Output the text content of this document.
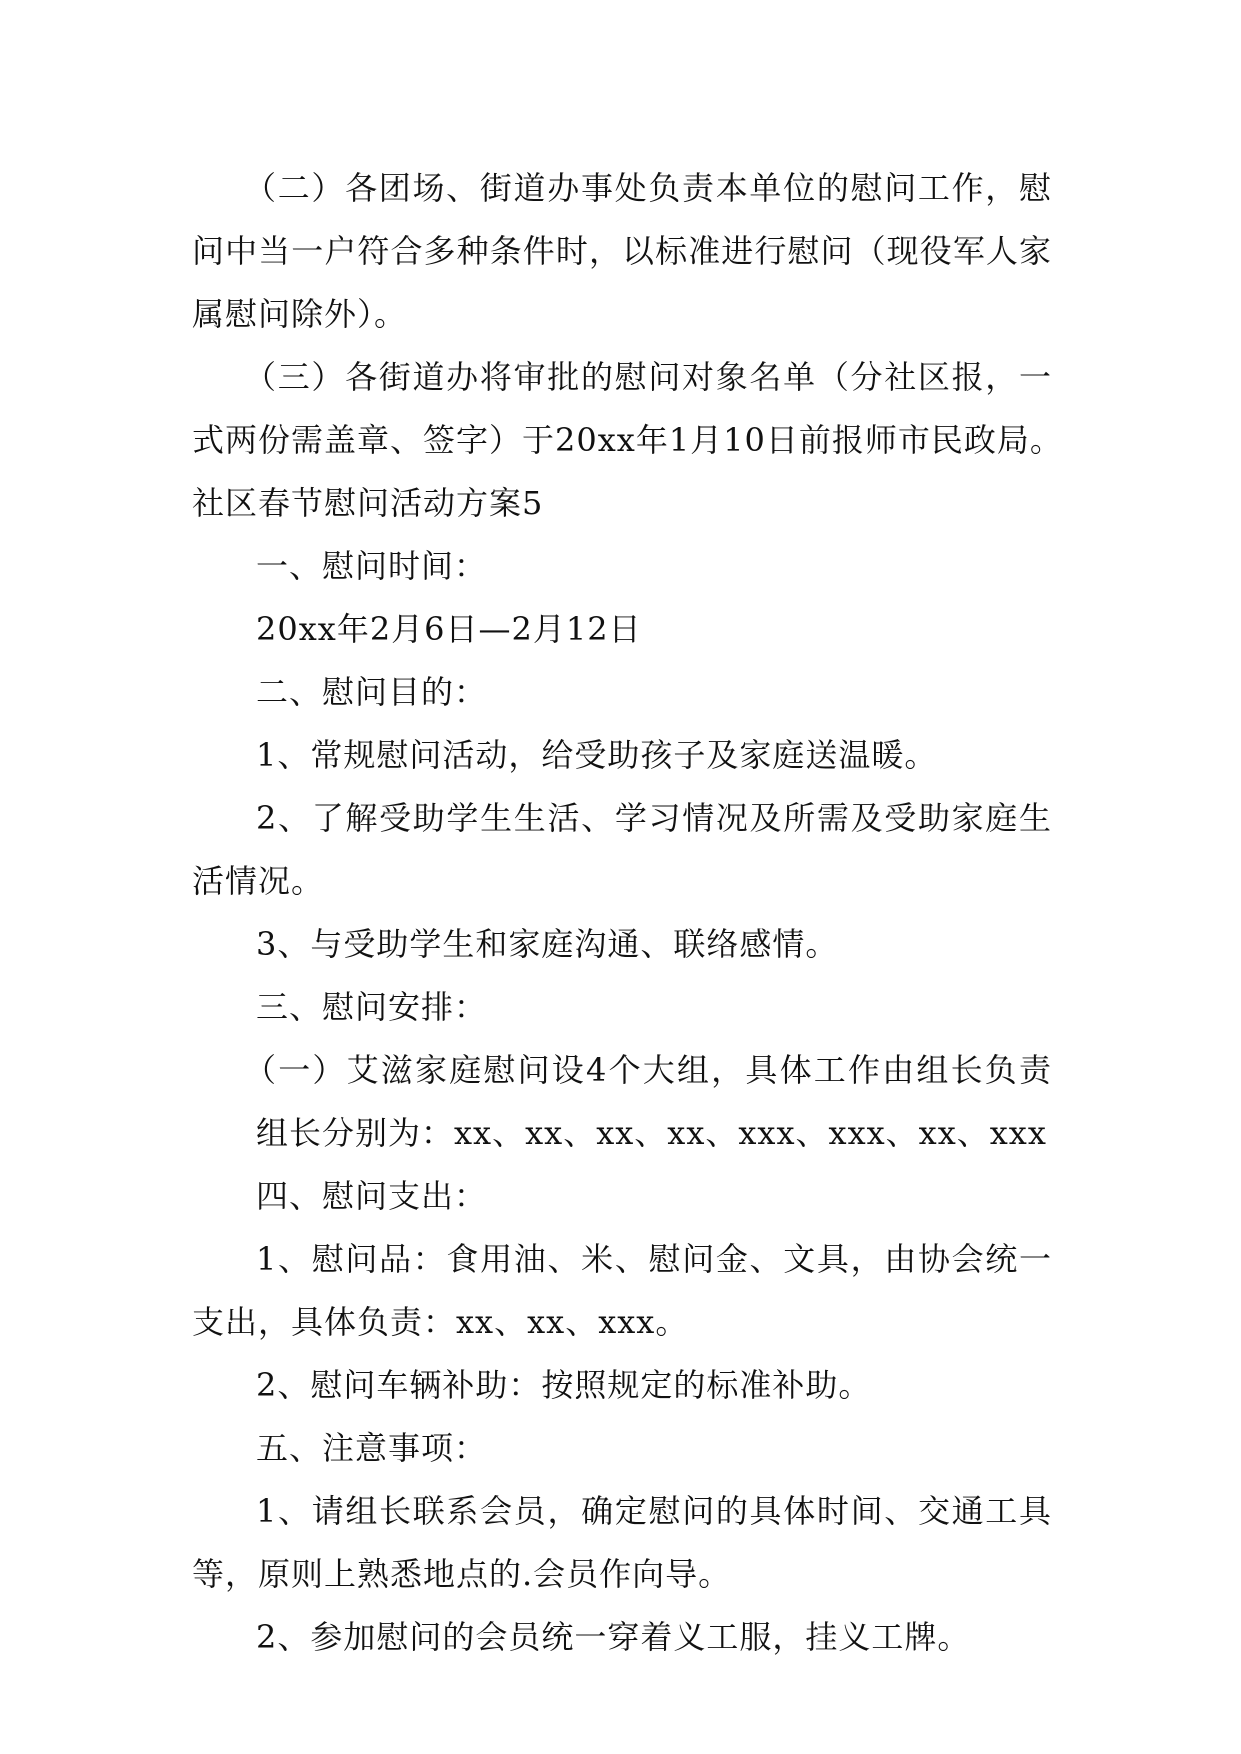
（二）各团场、街道办事处负责本单位的慰问工作，慰
问中当一户符合多种条件时，以标准进行慰问（现役军人家
属慰问除外）。
（三）各街道办将审批的慰问对象名单（分社区报，一
式两份需盖章、签字）于20xx年1月10日前报师市民政局。
社区春节慰问活动方案5
一、慰问时间：
20xx年2月6日—2月12日
二、慰问目的：
1、常规慰问活动，给受助孩子及家庭送温暖。
2、了解受助学生生活、学习情况及所需及受助家庭生
活情况。
3、与受助学生和家庭沟通、联络感情。
三、慰问安排：
（一）艾滋家庭慰问设4个大组，具体工作由组长负责
组长分别为：xx、xx、xx、xx、xxx、xxx、xx、xxx
四、慰问支出：
1、慰问品：食用油、米、慰问金、文具，由协会统一
支出，具体负责：xx、xx、xxx。
2、慰问车辆补助：按照规定的标准补助。
五、注意事项：
1、请组长联系会员，确定慰问的具体时间、交通工具
等，原则上熟悉地点的.会员作向导。
2、参加慰问的会员统一穿着义工服，挂义工牌。
